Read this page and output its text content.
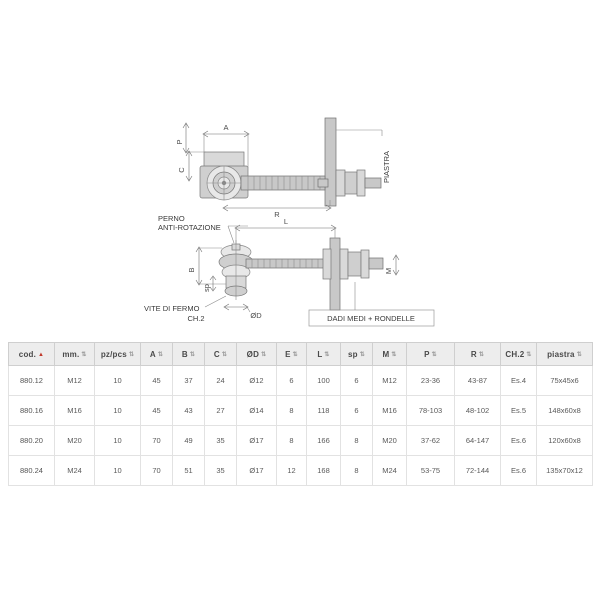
P
A
C
R
PIASTRA
L
B
sp
M
ØD
PERNO
ANTI-ROTAZIONE
VITE DI FERMO
CH.2	DADI MEDI + RONDELLE
cod. ▲	mm. ⇅	pz/pcs ⇅	A ⇅	B ⇅	C ⇅	ØD ⇅	E ⇅	L ⇅	sp ⇅	M ⇅	P ⇅	R ⇅	CH.2 ⇅	piastra ⇅
880.12	M12	10	45	37	24	Ø12	6	100	6	M12	23-36	43-87	Es.4	75x45x6
880.16	M16	10	45	43	27	Ø14	8	118	6	M16	78-103	48-102	Es.5	148x60x8
880.20	M20	10	70	49	35	Ø17	8	166	8	M20	37-62	64-147	Es.6	120x60x8
880.24	M24	10	70	51	35	Ø17	12	168	8	M24	53-75	72-144	Es.6	135x70x12
